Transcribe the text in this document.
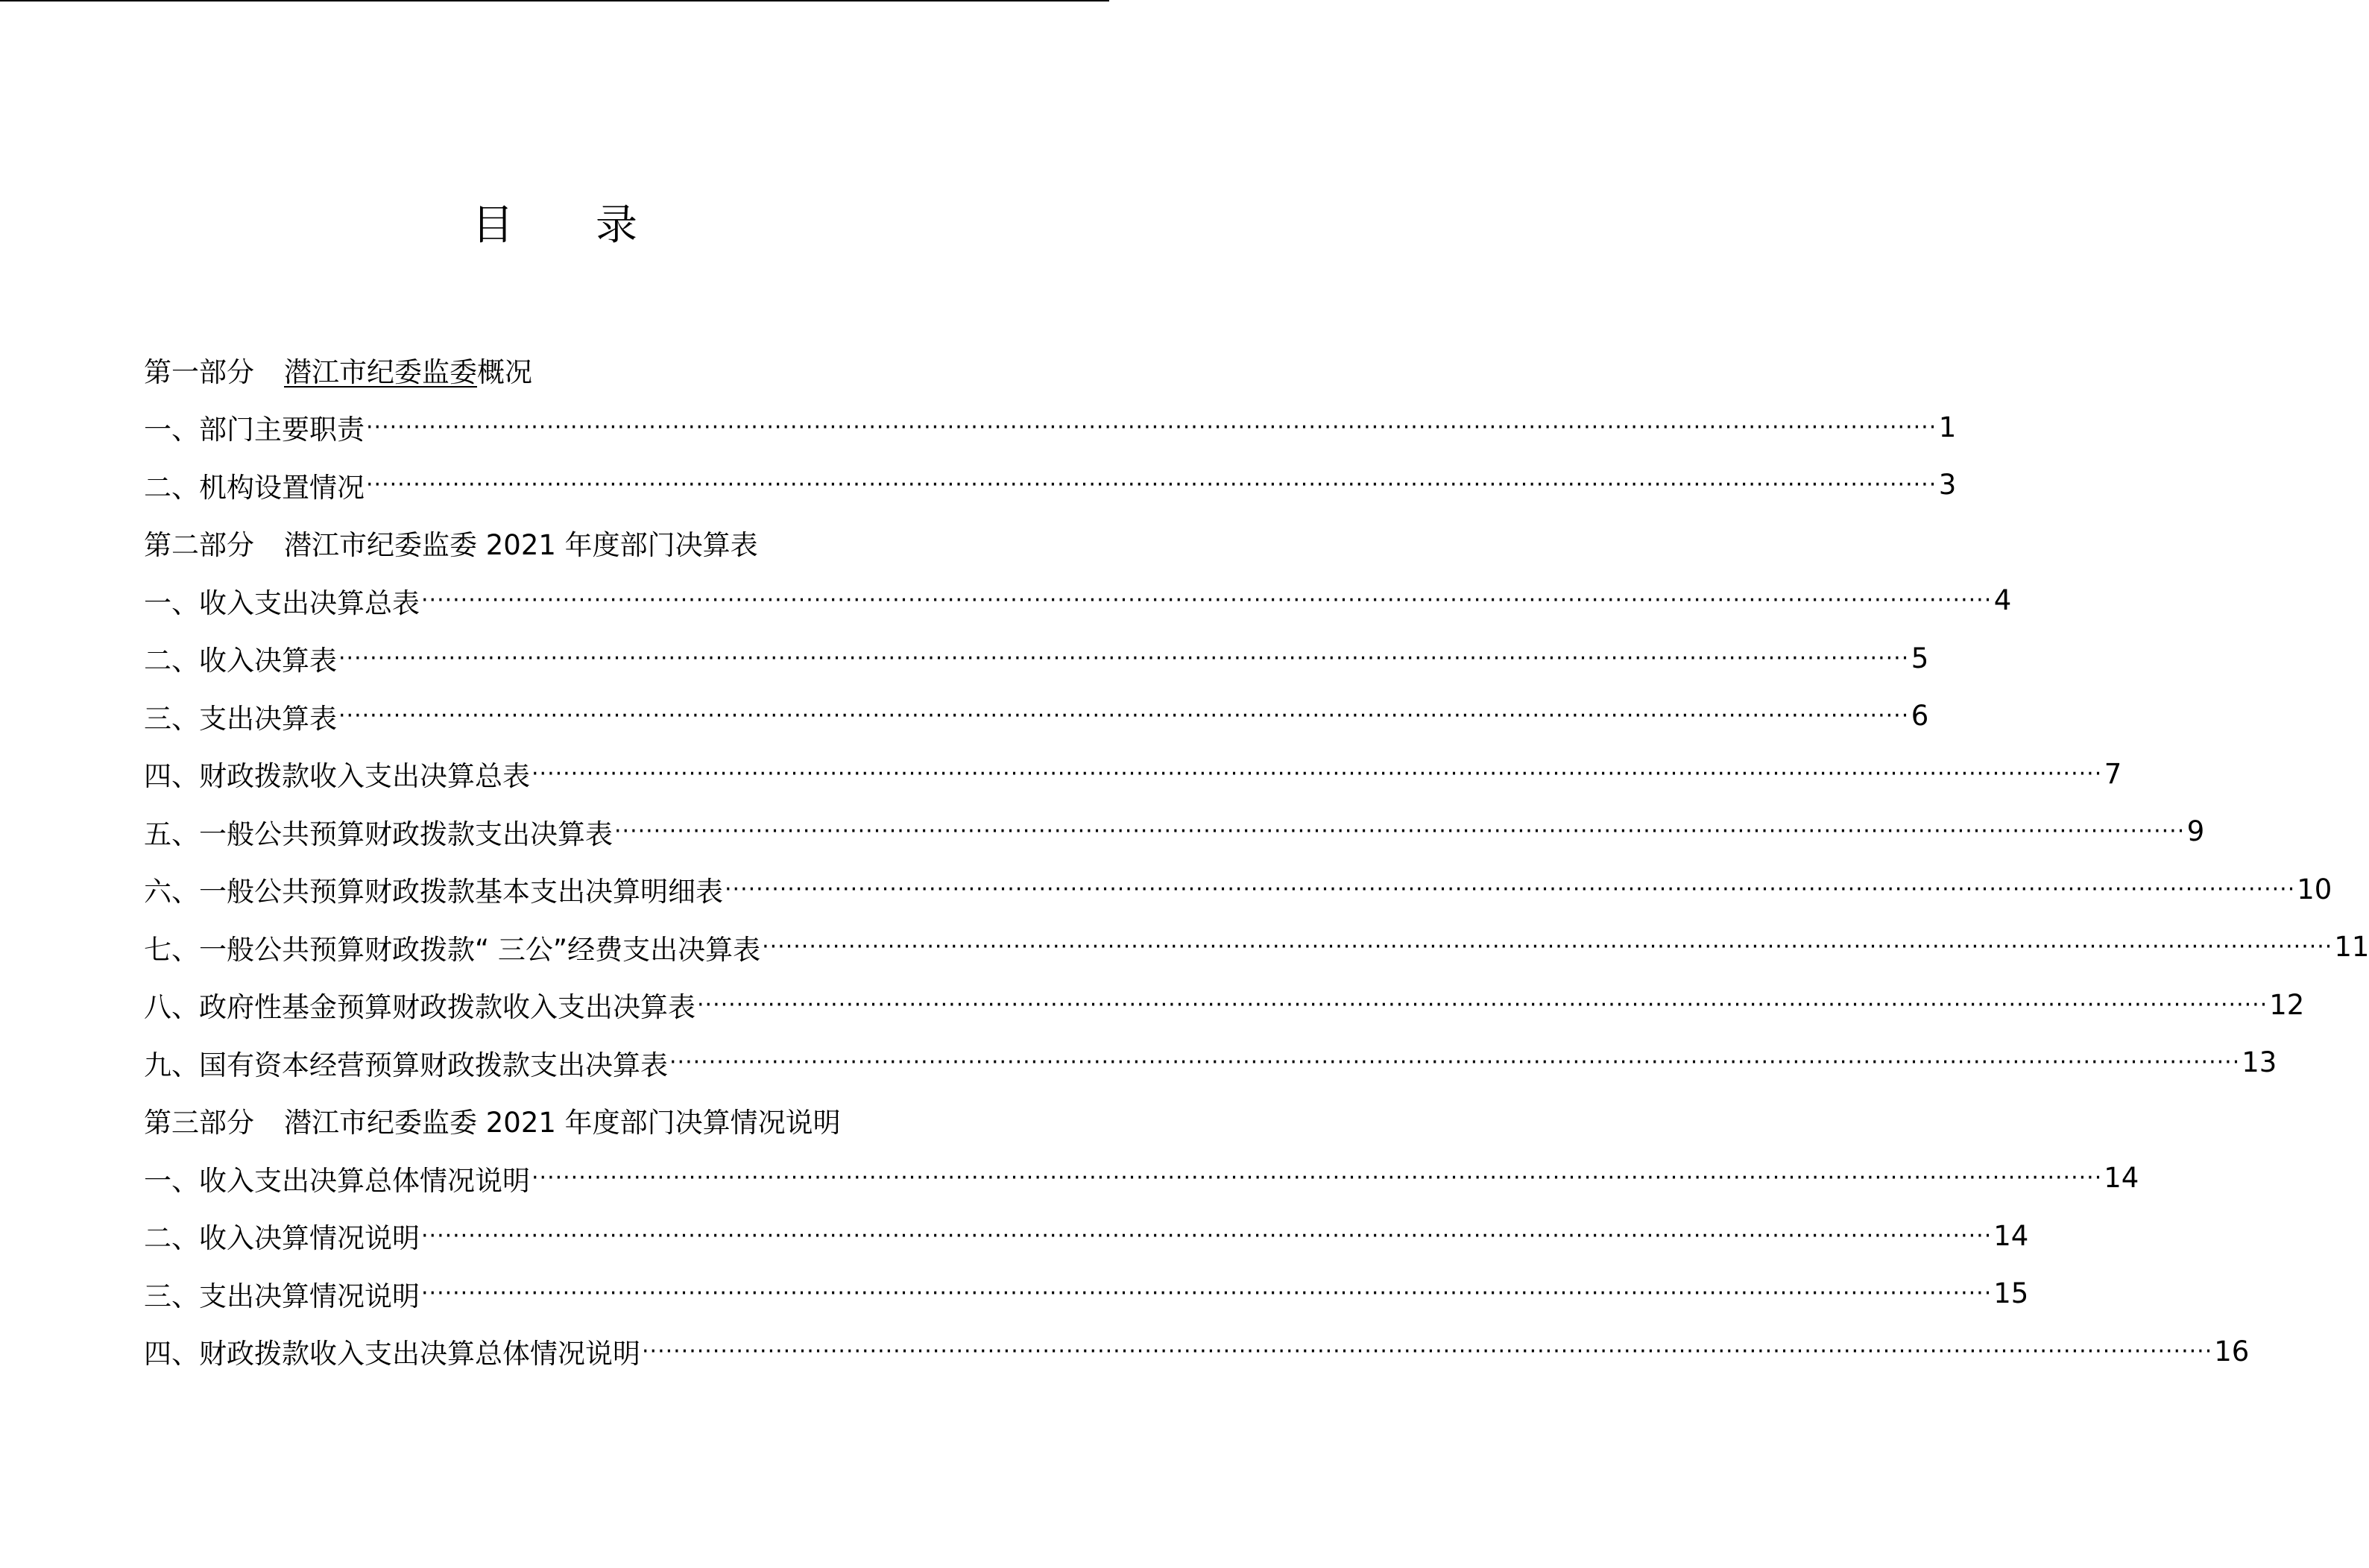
目 录
第一部分 潜江市纪委监委概况
一、部门主要职责 ········································································································································································································ 1
二、机构设置情况 ········································································································································································································ 3
第二部分 潜江市纪委监委 2021 年度部门决算表
一、收入支出决算总表 ········································································································································································································ 4
二、收入决算表 ········································································································································································································ 5
三、支出决算表 ········································································································································································································ 6
四、财政拨款收入支出决算总表 ········································································································································································································ 7
五、一般公共预算财政拨款支出决算表 ········································································································································································································ 9
六、一般公共预算财政拨款基本支出决算明细表 ········································································································································································································ 10
七、一般公共预算财政拨款“ 三公”经费支出决算表 ········································································································································································································ 11
八、政府性基金预算财政拨款收入支出决算表 ········································································································································································································ 12
九、国有资本经营预算财政拨款支出决算表 ········································································································································································································ 13
第三部分 潜江市纪委监委 2021 年度部门决算情况说明
一、收入支出决算总体情况说明 ········································································································································································································ 14
二、收入决算情况说明 ········································································································································································································ 14
三、支出决算情况说明 ········································································································································································································ 15
四、财政拨款收入支出决算总体情况说明 ········································································································································································································ 16
